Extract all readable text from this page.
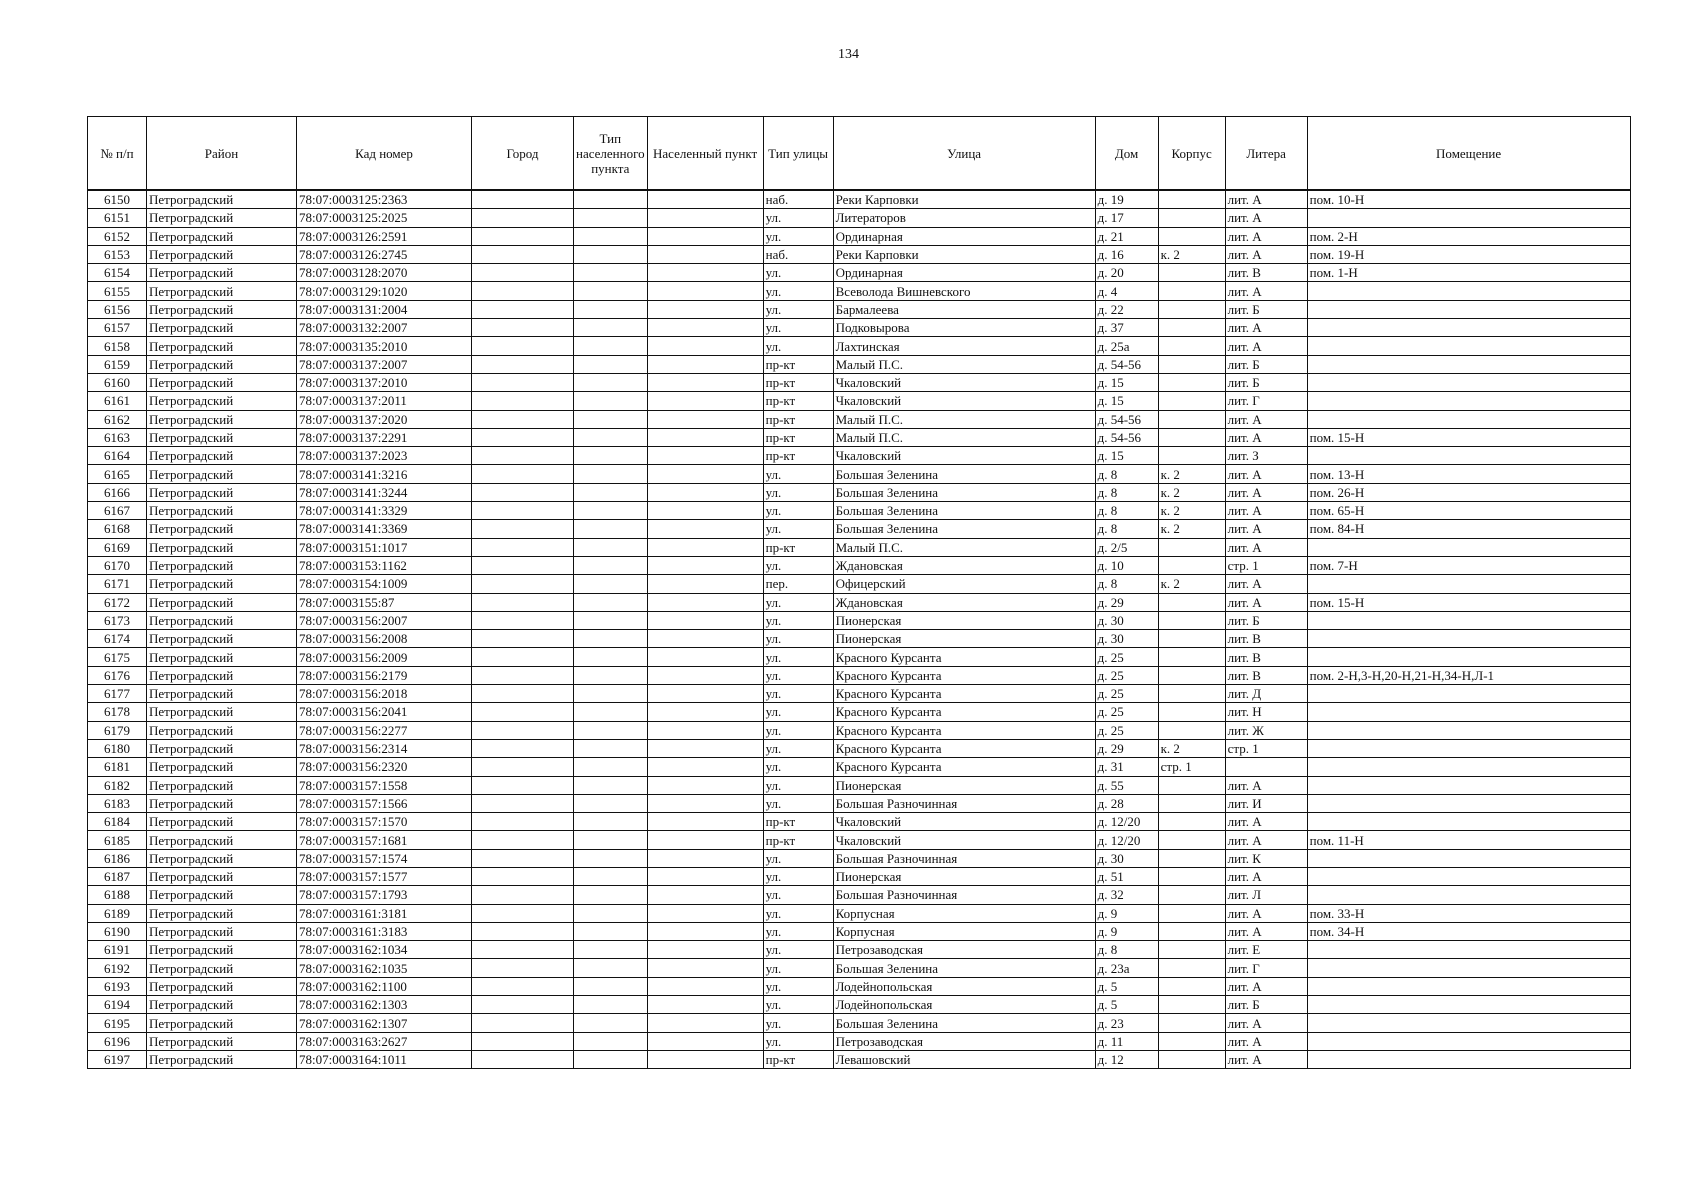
134
№ п/п	Район	Кад номер	Город	Тип населенного пункта	Населенный пункт	Тип улицы	Улица	Дом	Корпус	Литера	Помещение
6150	Петроградский	78:07:0003125:2363				наб.	Реки Карповки	д. 19		лит. А	пом. 10-Н
6151	Петроградский	78:07:0003125:2025				ул.	Литераторов	д. 17		лит. А	
6152	Петроградский	78:07:0003126:2591				ул.	Ординарная	д. 21		лит. А	пом. 2-Н
6153	Петроградский	78:07:0003126:2745				наб.	Реки Карповки	д. 16	к. 2	лит. А	пом. 19-Н
6154	Петроградский	78:07:0003128:2070				ул.	Ординарная	д. 20		лит. В	пом. 1-Н
6155	Петроградский	78:07:0003129:1020				ул.	Всеволода Вишневского	д. 4		лит. А	
6156	Петроградский	78:07:0003131:2004				ул.	Бармалеева	д. 22		лит. Б	
6157	Петроградский	78:07:0003132:2007				ул.	Подковырова	д. 37		лит. А	
6158	Петроградский	78:07:0003135:2010				ул.	Лахтинская	д. 25а		лит. А	
6159	Петроградский	78:07:0003137:2007				пр-кт	Малый П.С.	д. 54-56		лит. Б	
6160	Петроградский	78:07:0003137:2010				пр-кт	Чкаловский	д. 15		лит. Б	
6161	Петроградский	78:07:0003137:2011				пр-кт	Чкаловский	д. 15		лит. Г	
6162	Петроградский	78:07:0003137:2020				пр-кт	Малый П.С.	д. 54-56		лит. А	
6163	Петроградский	78:07:0003137:2291				пр-кт	Малый П.С.	д. 54-56		лит. А	пом. 15-Н
6164	Петроградский	78:07:0003137:2023				пр-кт	Чкаловский	д. 15		лит. З	
6165	Петроградский	78:07:0003141:3216				ул.	Большая Зеленина	д. 8	к. 2	лит. А	пом. 13-Н
6166	Петроградский	78:07:0003141:3244				ул.	Большая Зеленина	д. 8	к. 2	лит. А	пом. 26-Н
6167	Петроградский	78:07:0003141:3329				ул.	Большая Зеленина	д. 8	к. 2	лит. А	пом. 65-Н
6168	Петроградский	78:07:0003141:3369				ул.	Большая Зеленина	д. 8	к. 2	лит. А	пом. 84-Н
6169	Петроградский	78:07:0003151:1017				пр-кт	Малый П.С.	д. 2/5		лит. А	
6170	Петроградский	78:07:0003153:1162				ул.	Ждановская	д. 10		стр. 1	пом. 7-Н
6171	Петроградский	78:07:0003154:1009				пер.	Офицерский	д. 8	к. 2	лит. А	
6172	Петроградский	78:07:0003155:87				ул.	Ждановская	д. 29		лит. А	пом. 15-Н
6173	Петроградский	78:07:0003156:2007				ул.	Пионерская	д. 30		лит. Б	
6174	Петроградский	78:07:0003156:2008				ул.	Пионерская	д. 30		лит. В	
6175	Петроградский	78:07:0003156:2009				ул.	Красного Курсанта	д. 25		лит. В	
6176	Петроградский	78:07:0003156:2179				ул.	Красного Курсанта	д. 25		лит. В	пом. 2-Н,3-Н,20-Н,21-Н,34-Н,Л-1
6177	Петроградский	78:07:0003156:2018				ул.	Красного Курсанта	д. 25		лит. Д	
6178	Петроградский	78:07:0003156:2041				ул.	Красного Курсанта	д. 25		лит. Н	
6179	Петроградский	78:07:0003156:2277				ул.	Красного Курсанта	д. 25		лит. Ж	
6180	Петроградский	78:07:0003156:2314				ул.	Красного Курсанта	д. 29	к. 2	стр. 1	
6181	Петроградский	78:07:0003156:2320				ул.	Красного Курсанта	д. 31	стр. 1		
6182	Петроградский	78:07:0003157:1558				ул.	Пионерская	д. 55		лит. А	
6183	Петроградский	78:07:0003157:1566				ул.	Большая Разночинная	д. 28		лит. И	
6184	Петроградский	78:07:0003157:1570				пр-кт	Чкаловский	д. 12/20		лит. А	
6185	Петроградский	78:07:0003157:1681				пр-кт	Чкаловский	д. 12/20		лит. А	пом. 11-Н
6186	Петроградский	78:07:0003157:1574				ул.	Большая Разночинная	д. 30		лит. К	
6187	Петроградский	78:07:0003157:1577				ул.	Пионерская	д. 51		лит. А	
6188	Петроградский	78:07:0003157:1793				ул.	Большая Разночинная	д. 32		лит. Л	
6189	Петроградский	78:07:0003161:3181				ул.	Корпусная	д. 9		лит. А	пом. 33-Н
6190	Петроградский	78:07:0003161:3183				ул.	Корпусная	д. 9		лит. А	пом. 34-Н
6191	Петроградский	78:07:0003162:1034				ул.	Петрозаводская	д. 8		лит. Е	
6192	Петроградский	78:07:0003162:1035				ул.	Большая Зеленина	д. 23а		лит. Г	
6193	Петроградский	78:07:0003162:1100				ул.	Лодейнопольская	д. 5		лит. А	
6194	Петроградский	78:07:0003162:1303				ул.	Лодейнопольская	д. 5		лит. Б	
6195	Петроградский	78:07:0003162:1307				ул.	Большая Зеленина	д. 23		лит. А	
6196	Петроградский	78:07:0003163:2627				ул.	Петрозаводская	д. 11		лит. А	
6197	Петроградский	78:07:0003164:1011				пр-кт	Левашовский	д. 12		лит. А	
